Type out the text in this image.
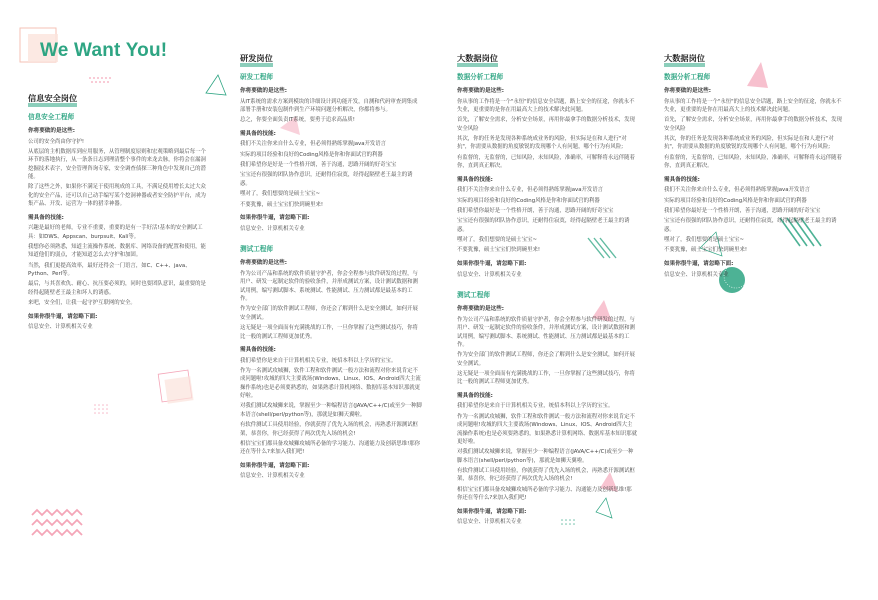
We Want You!
信息安全岗位
信息安全工程师
你将要做的是这些:

公司的安全尚由你守护!

从底层的主机数据库到应用服务，从管理制度原则和宏观策略到最后每一个环节的落地执行，从一条条日志到理清整个事件的来龙去脉，你将会在漏洞挖掘技术表字，安全管理咨询专家，安全调查侦探三种角色中发现自己的潜能。

除了这些之外，如果你不满足于使用现成的工具，不满足使用增长太过大众化的安全产品，还可以自己动手编写某个挖洞神器或者安全防护平台，成为集产品、开发、运营为一体的猎幸神器。

需具备的技能:

兴趣是最好的老师，专业不重要，重要的是有一手好活!基本的安全测试工具：如DWS、Appscan、burpsuit、Kali等。

我想你必须熟悉，知道主流操作系统、数据库、网络设备的配置和使用，能知道他们的弱点，才能知道怎么去守护和加固。

当然，我们更提高效率，最好还得会一门语言，如C、C++、java、Python、Perl等。

最后，与其喜欢仇、耐心、抗压要必须的，同时也要团队意识，最重要的是经得起随壁老王最主和坏人的诱惑。

来吧，安全们，让我一起守护互联网的安全。

如果你很牛逼，请忽略下面:

信息安全、计算机相关专业

研发岗位
研发工程师
你将要做的是这些:

从IT系统的需求方案到模块的详细设计到功能开发，自测和代码审查到集成部署手册和安装包制作到生产环境问题分析解决，你都将参与。

总之，你要全面负责IT系统，要勇于追求高品质!

需具备的技能:

我们不关注你来自什么专业，但必须得熟练掌握java开发语言

实际的项目经验和良好的Coding风格是你和你面试官的利器

我们希望你是好是一个性格开朗，善于沟通，思路开阔的好奇宝宝

宝宝还有很强的团队协作意识，还耐得住寂寞，经得起隔壁老王最主的诱惑。

嘿对了，我们想要的是硕士宝宝~

不要犹豫，硕士宝宝们快到碗里来!

如果你很牛逼，请忽略下面:

信息安全、计算机相关专业

测试工程师
你将要做的是这些:

作为公司产品和系统的软件质量守护者，你会全程参与软件研发的过程，与用户、研发一起制定软件的验收条件，并形成测试方案，设计测试数据和测试用例，编写测试脚本、系统测试、性能测试、压力测试都是最基本的工作。

作为安全部门的软件测试工程师，你还会了解到什么是安全测试，如何开展安全测试。

这无疑是一项全面而有充满挑战的工作，一旦你掌握了这些测试技巧，你将比一般的测试工程师更加优秀。

需具备的技能:

我们希望你是来自于计算机相关专业，统招本科以上学历的宝宝。

作为一名测试攻城狮，软件工程和软件测试一般方法和流程对你来说肯定不成问题啦!攻城的四大主要战场(Windows、Linux、IOS、Android四大主流操作系统)也是必须要熟悉的，如果熟悉计算机网络、数据库基本知识那就更好啦。

对我们测试攻城狮来说，掌握至少一种编程语言(JAVA/C++/C)或至少一种脚本语言(shell/perl/python等)，那就是如狮天翼啦。

有软件测试工具使用经验，你就获得了优先入场的机会，再熟悉开源测试框架，恭喜你，你已经获得了两次优先入场的机会!

相信宝宝们都具备攻城狮攻城所必备的学习能力、沟通能力及创新思维!那你还在等什么?来加入我们吧!

如果你很牛逼，请忽略下面:

信息安全、计算机相关专业

大数据岗位
数据分析工程师
你将要做的是这些:

你从事的工作将是一个"永恒"的信息安全话题，路上安全的征途，你就永不失业，更重要的是你在用最高大上的技术解决此问题。

首先，了解安全需求，分析安全场景，再用你最拿手的数据分析技术，发现安全风险

其次，你的任务是发现各种系统成业务的风险，但实际是在和人进行"对抗"，你需要从数据的角度敏锐的发现哪个人有问题，哪个行为有风险;

有监督的，无监督的，已知风险，未知风险，准确率，可解释将永远伴随着你，直到真正解决。

需具备的技能:

我们不关注你来自什么专业，但必须得熟练掌握java开发语言

实际的项目经验和良好的Coding风格是你和你面试官的利器

我们希望你最好是一个性格开朗，善于沟通，思路开阔的好奇宝宝

宝宝还有很强的团队协作意识，还耐得住寂寞，经得起隔壁老王最主的诱惑。

嘿对了，我们想要的是硕士宝宝~

不要犹豫，硕士宝宝们快到碗里来!

如果你很牛逼，请忽略下面:

信息安全、计算机相关专业

测试工程师
你将要做的是这些:

作为公司产品和系统的软件质量守护者，你会全程参与软件研发的过程，与用户、研发一起制定软件的验收条件，并形成测试方案，设计测试数据和测试用例，编写测试脚本、系统测试、性能测试、压力测试都是最基本的工作。

作为安全部门的软件测试工程师，你还会了解到什么是安全测试，如何开展安全测试。

这无疑是一项全面而有充满挑战的工作，一旦你掌握了这些测试技巧，你将比一般的测试工程师更加优秀。

需具备的技能:

我们希望你是来自于计算机相关专业，统招本科以上学历的宝宝。

作为一名测试攻城狮，软件工程和软件测试一般方法和流程对你来说肯定不成问题啦!攻城的四大主要战场(Windows、Linux、IOS、Android四大主流操作系统)也是必须要熟悉的，如果熟悉计算机网络、数据库基本知识那就更好啦。

对我们测试攻城狮来说，掌握至少一种编程语言(JAVA/C++/C)或至少一种脚本语言(shell/perl/python等)，那就是如狮天翼啦。

有软件测试工具使用经验，你就获得了优先入场的机会，再熟悉开源测试框架，恭喜你，你已经获得了两次优先入场的机会!

相信宝宝们都具备攻城狮攻城所必备的学习能力、沟通能力及创新思维!那你还在等什么?来加入我们吧!

如果你很牛逼，请忽略下面:

信息安全、计算机相关专业

大数据岗位
数据分析工程师
你将要做的是这些:

你从事的工作将是一个"永恒"的信息安全话题，路上安全的征途，你就永不失业，更重要的是你在用最高大上的技术解决此问题。

首先，了解安全需求，分析安全场景，再用你最拿手的数据分析技术，发现安全风险

其次，你的任务是发现各种系统成业务的风险，但实际是在和人进行"对抗"，你需要从数据的角度敏锐的发现哪个人有问题，哪个行为有风险;

有监督的，无监督的，已知风险，未知风险，准确率，可解释将永远伴随着你，直到真正解决。

需具备的技能:

我们不关注你来自什么专业，但必须得熟练掌握java开发语言

实际的项目经验和良好的Coding风格是你和你面试官的利器

我们希望你最好是一个性格开朗，善于沟通，思路开阔的好奇宝宝

宝宝还有很强的团队协作意识，还耐得住寂寞，经得起隔壁老王最主的诱惑。

嘿对了，我们想要的是硕士宝宝~

不要犹豫，硕士宝宝们快到碗里来!

如果你很牛逼，请忽略下面:

信息安全、计算机相关专业
